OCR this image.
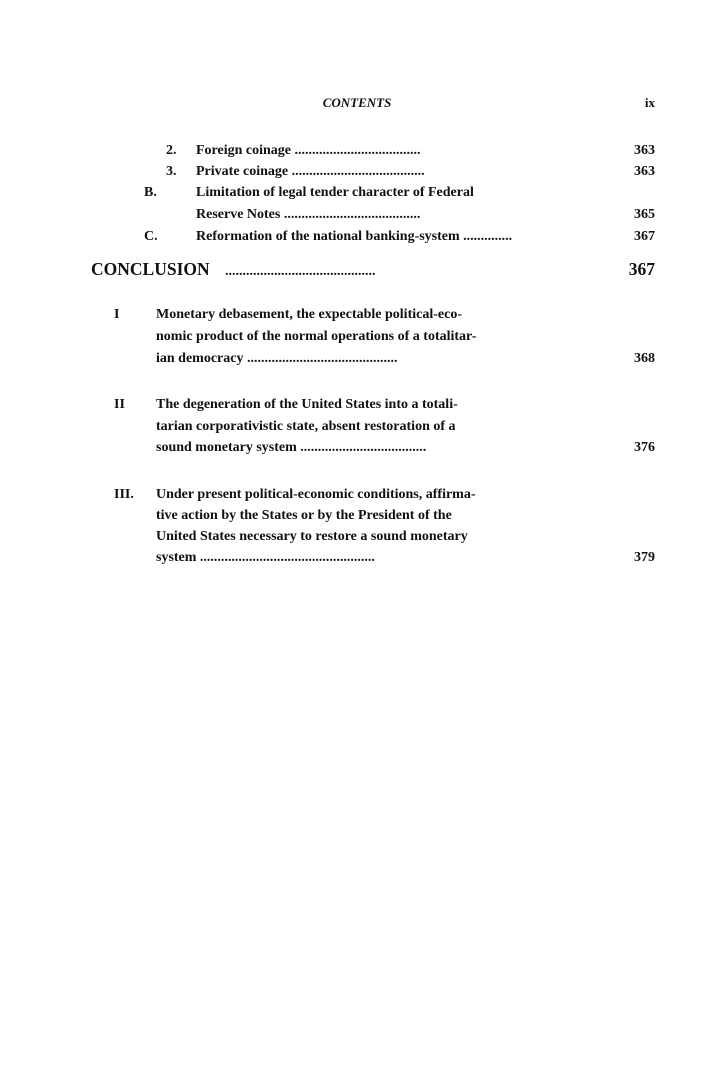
CONTENTS	ix
2. Foreign coinage ....................................	363
3. Private coinage ......................................	363
B.	Limitation of legal tender character of Federal
Reserve Notes .......................................	365
C.	Reformation of the national banking-system ..............	367
CONCLUSION ...........................................	367
I	Monetary debasement, the expectable political-eco-
nomic product of the normal operations of a totalitar-
ian democracy ...........................................	368
II The degeneration of the United States into a totali-
tarian corporativistic state, absent restoration of a
sound monetary system ....................................	376
III. Under present political-economic conditions, affirma-
tive action by the States or by the President of the
United States necessary to restore a sound monetary
system ..................................................	379
